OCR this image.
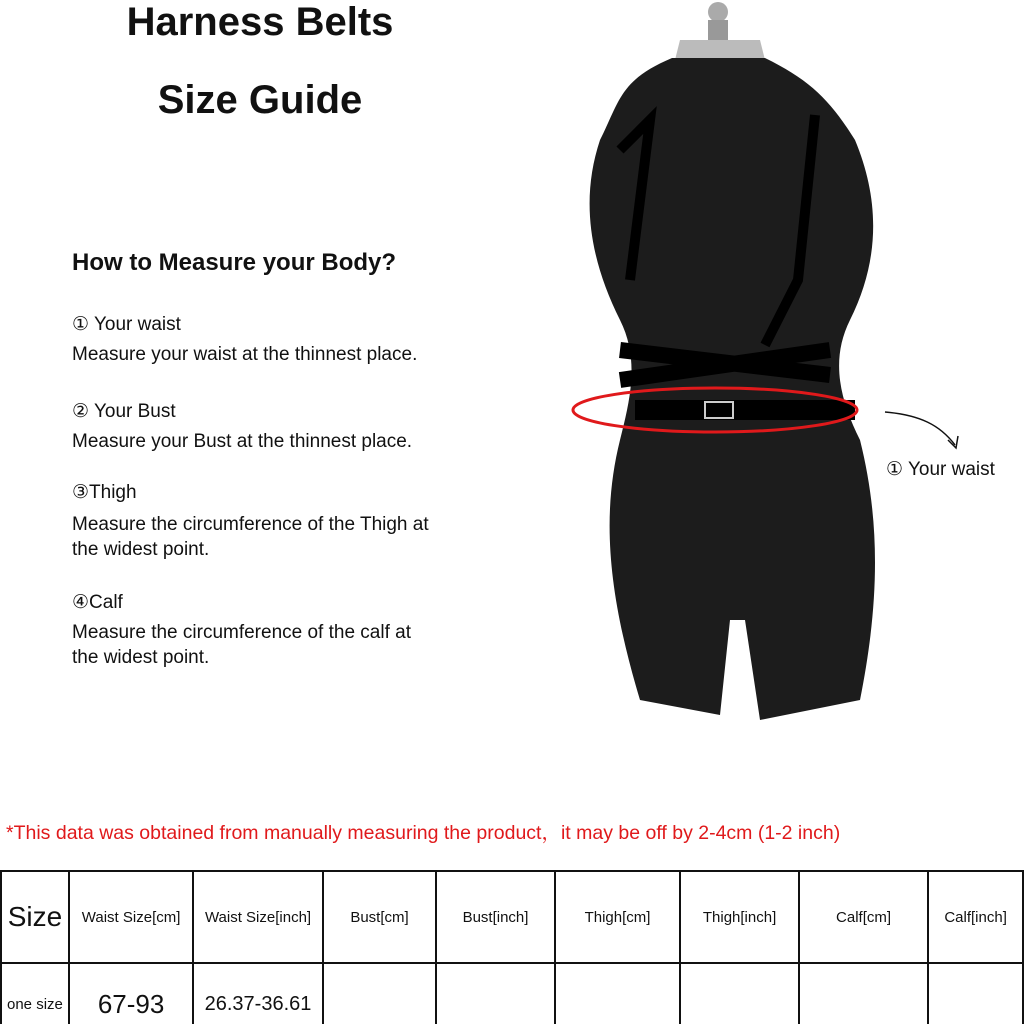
Harness Belts
Size Guide
How to Measure your Body?
① Your waist
Measure your waist at the thinnest place.
② Your Bust
Measure your Bust at the thinnest place.
③Thigh
Measure the circumference of the Thigh at the widest point.
④Calf
Measure the circumference of the calf at the widest point.
① Your waist
*This data was obtained from manually measuring the product，it may be off by 2-4cm (1-2 inch)
Size	Waist Size[cm]	Waist Size[inch]	Bust[cm]	Bust[inch]	Thigh[cm]	Thigh[inch]	Calf[cm]	Calf[inch]
one size	67-93	26.37-36.61						
